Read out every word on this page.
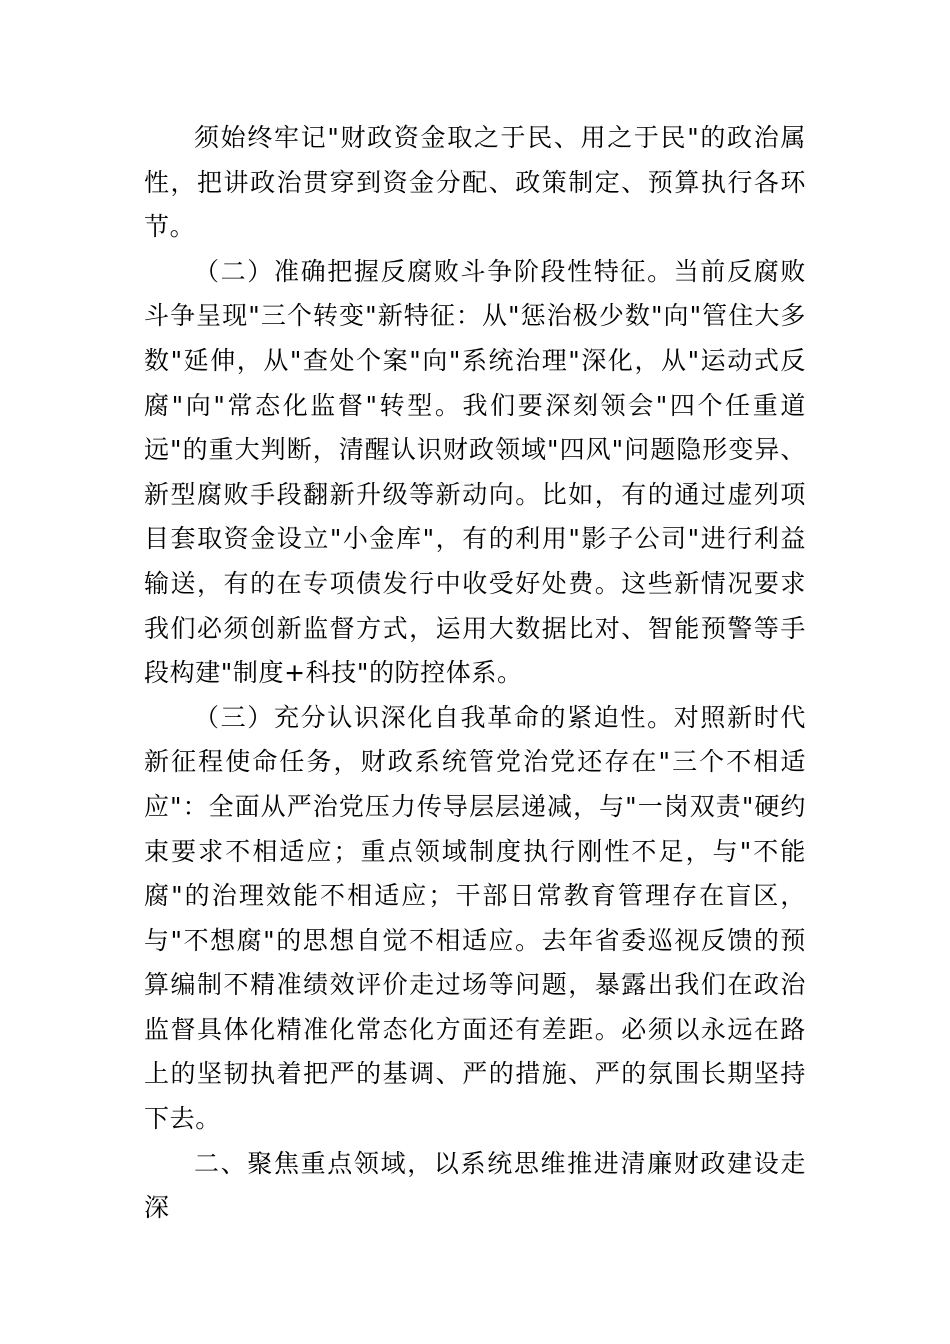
须始终牢记"财政资金取之于民、用之于民"的政治属性，把讲政治贯穿到资金分配、政策制定、预算执行各环节。

（二）准确把握反腐败斗争阶段性特征。当前反腐败斗争呈现"三个转变"新特征：从"惩治极少数"向"管住大多数"延伸，从"查处个案"向"系统治理"深化，从"运动式反腐"向"常态化监督"转型。我们要深刻领会"四个任重道远"的重大判断，清醒认识财政领域"四风"问题隐形变异、新型腐败手段翻新升级等新动向。比如，有的通过虚列项目套取资金设立"小金库"，有的利用"影子公司"进行利益输送，有的在专项债发行中收受好处费。这些新情况要求我们必须创新监督方式，运用大数据比对、智能预警等手段构建"制度+科技"的防控体系。

（三）充分认识深化自我革命的紧迫性。对照新时代新征程使命任务，财政系统管党治党还存在"三个不相适应"：全面从严治党压力传导层层递减，与"一岗双责"硬约束要求不相适应；重点领域制度执行刚性不足，与"不能腐"的治理效能不相适应；干部日常教育管理存在盲区，与"不想腐"的思想自觉不相适应。去年省委巡视反馈的预算编制不精准绩效评价走过场等问题，暴露出我们在政治监督具体化精准化常态化方面还有差距。必须以永远在路上的坚韧执着把严的基调、严的措施、严的氛围长期坚持下去。

二、聚焦重点领域，以系统思维推进清廉财政建设走深
